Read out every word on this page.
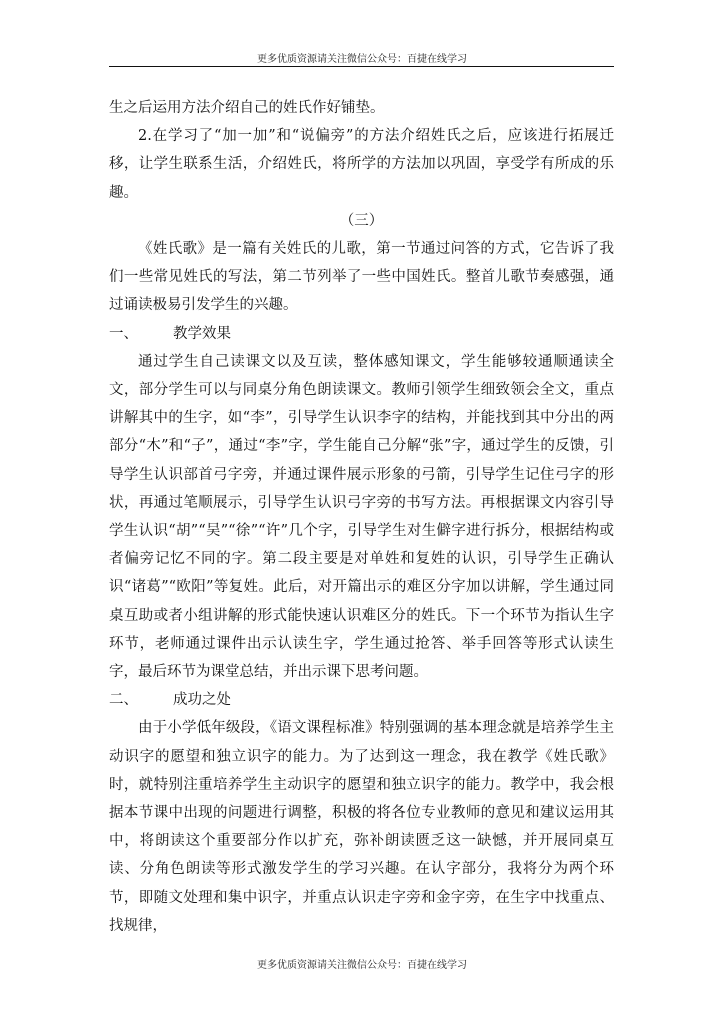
更多优质资源请关注微信公众号：百捷在线学习

生之后运用方法介绍自己的姓氏作好铺垫。

2.在学习了“加一加”和“说偏旁”的方法介绍姓氏之后，应该进行拓展迁移，让学生联系生活，介绍姓氏，将所学的方法加以巩固，享受学有所成的乐趣。

（三）

《姓氏歌》是一篇有关姓氏的儿歌，第一节通过问答的方式，它告诉了我们一些常见姓氏的写法，第二节列举了一些中国姓氏。整首儿歌节奏感强，通过诵读极易引发学生的兴趣。

一、	教学效果

通过学生自己读课文以及互读，整体感知课文，学生能够较通顺通读全文，部分学生可以与同桌分角色朗读课文。教师引领学生细致领会全文，重点讲解其中的生字，如“李”，引导学生认识李字的结构，并能找到其中分出的两部分“木”和“子”，通过“李”字，学生能自己分解“张”字，通过学生的反馈，引导学生认识部首弓字旁，并通过课件展示形象的弓箭，引导学生记住弓字的形状，再通过笔顺展示，引导学生认识弓字旁的书写方法。再根据课文内容引导学生认识“胡”“吴”“徐”“许”几个字，引导学生对生僻字进行拆分，根据结构或者偏旁记忆不同的字。第二段主要是对单姓和复姓的认识，引导学生正确认识“诸葛”“欧阳”等复姓。此后，对开篇出示的难区分字加以讲解，学生通过同桌互助或者小组讲解的形式能快速认识难区分的姓氏。下一个环节为指认生字环节，老师通过课件出示认读生字，学生通过抢答、举手回答等形式认读生字，最后环节为课堂总结，并出示课下思考问题。

二、	成功之处

由于小学低年级段，《语文课程标准》特别强调的基本理念就是培养学生主动识字的愿望和独立识字的能力。为了达到这一理念，我在教学《姓氏歌》时，就特别注重培养学生主动识字的愿望和独立识字的能力。教学中，我会根据本节课中出现的问题进行调整，积极的将各位专业教师的意见和建议运用其中，将朗读这个重要部分作以扩充，弥补朗读匮乏这一缺憾，并开展同桌互读、分角色朗读等形式激发学生的学习兴趣。在认字部分，我将分为两个环节，即随文处理和集中识字，并重点认识走字旁和金字旁，在生字中找重点、找规律，

更多优质资源请关注微信公众号：百捷在线学习
